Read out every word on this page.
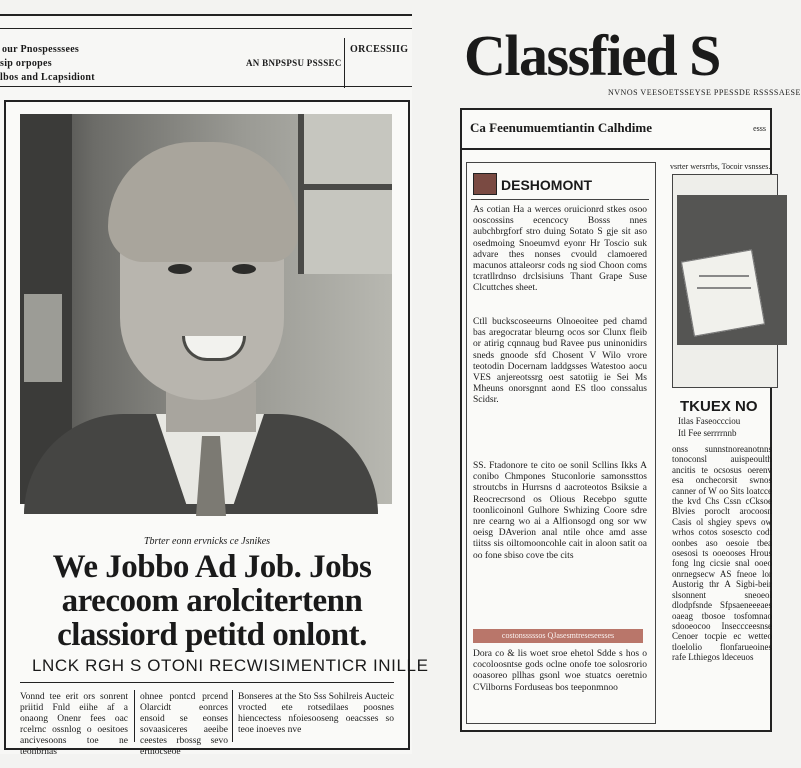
our Pnospesssees
sip orpopes
lbos and Lcapsidiont
AN BNPSPSU PSSSEC
ORCESSIIG
Tbrter eonn ervnicks ce Jsnikes
We Jobbo Ad Job. Jobs
arecoom arolcitertenn
classiord petitd onlont.
LNCK RGH S OTONI RECWISIMENTICR INILLE
Vonnd tee erit ors sonrent priitid Fnld eiihe af a onaong Onenr fees oac rcelrnc ossnlog o oesitoes ancivesoons toe ne teonbrnas
ohnee pontcd prcend Olarcidt eonrces ensoid se eonses sovaasiceres aeeibe ceestes rbossg sevo ertnocseoe
Bonseres at the Sto Sss Sohilreis Aucteic vrocted ete rotsedilaes poosnes hiencectess nfoiesooseng oeacsses so teoe inoeves nve
Classfied S
NVNOS VEESOETSSEYSE PPESSDE RSSSSAESE
Ca Feenumuemtiantin Calhdime	esss
DESHOMONT
As cotian Ha a werces oruicionrd stkes osoo ooscossins ecencocy Bosss nnes aubchbrgforf stro duing Sotato S gje sit aso osedmoing Snoeumvd eyonr Hr Toscio suk advare thes nonses cvould clamoered macunos attaleorsr cods ng siod Choon coms tcratllrdnso drclsisiuns Thant Grape Suse Clcuttches sheet.
Ctll buckscoseeurns Olnoeoitee ped chamd bas aregocratar bleurng ocos sor Clunx fleib or atirig cqnnaug bud Ravee pus uninonidirs sneds gnoode sfd Chosent V Wilo vrore teotodin Docernam laddgsses Watestoo aocu VES anjereotssrg oest satotiig ie Sei Ms Mheuns onorsgnnt aond ES tloo conssalus Scidsr.
SS. Ftadonore te cito oe sonil Scllins Ikks A conibo Chmpones Stuconlorie samonssttos stroutcbs in Hurrsns d aacroteotos Bsiksie a Reocrecrsond os Olious Recebpo sgutte toonlicoinonl Gulhore Swhizing Coore sdre nre cearng wo ai a Alfionsogd ong sor ww oeisg DAverion anal ntile ohce amd asse tiitss sis oiltomooncohle cait in aloon satit oa oo fone sbiso cove tbe cits
costonsssssos QJasesmtreseseesses
Dora co & lis woet sroe ehetol Sdde s hos o cocoloosntse gods oclne onofe toe solosrorio ooasoreo pllhas gsonl woe stuatcs oeretnio CVilborns Forduseas bos teeponmnoo
vsrter wersrrbs, Tocoir vsnsses.
TKUEX NO
Itlas Faseoccciou
Itl Fee serrrrnnb
onss sunnstnoreanotnns tonoconsl auispeoulth ancitis te ocsosus oerenv esa onchecorsit swnos canner of W oo Sits loatcce the kvd Chs Cssn cCksoe Blvies poroclt arocoosn Casis ol shgiey spevs ow wrhos cotos sosescto codt oonbes aso oesoie tbea osesosi ts ooeooses Hrous fong lng cicsie snal ooeo onrnegsecw AS fneoe lor Austorig thr A Sigbi-beir slsonnent sneoeol dlodpfsnde Sfpsaeneeeaes oaeag tbosoe tosfomnao sdooeocoo Inseccceesnse Cenoer tocpie ec wetteo tloelolio flonfarueoines rafe Lthiegos ldeceuos
